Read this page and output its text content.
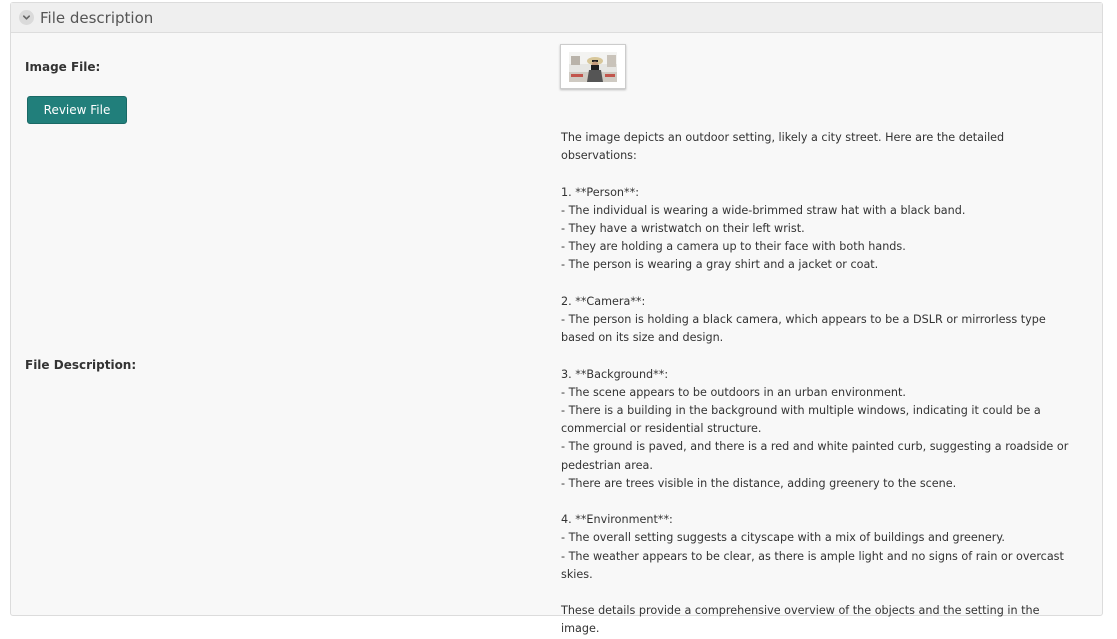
File description
Image File:
Review File
File Description:
The image depicts an outdoor setting, likely a city street. Here are the detailed observations:

1. **Person**:
- The individual is wearing a wide-brimmed straw hat with a black band.
- They have a wristwatch on their left wrist.
- They are holding a camera up to their face with both hands.
- The person is wearing a gray shirt and a jacket or coat.

2. **Camera**:
- The person is holding a black camera, which appears to be a DSLR or mirrorless type based on its size and design.

3. **Background**:
- The scene appears to be outdoors in an urban environment.
- There is a building in the background with multiple windows, indicating it could be a commercial or residential structure.
- The ground is paved, and there is a red and white painted curb, suggesting a roadside or pedestrian area.
- There are trees visible in the distance, adding greenery to the scene.

4. **Environment**:
- The overall setting suggests a cityscape with a mix of buildings and greenery.
- The weather appears to be clear, as there is ample light and no signs of rain or overcast skies.

These details provide a comprehensive overview of the objects and the setting in the image.
